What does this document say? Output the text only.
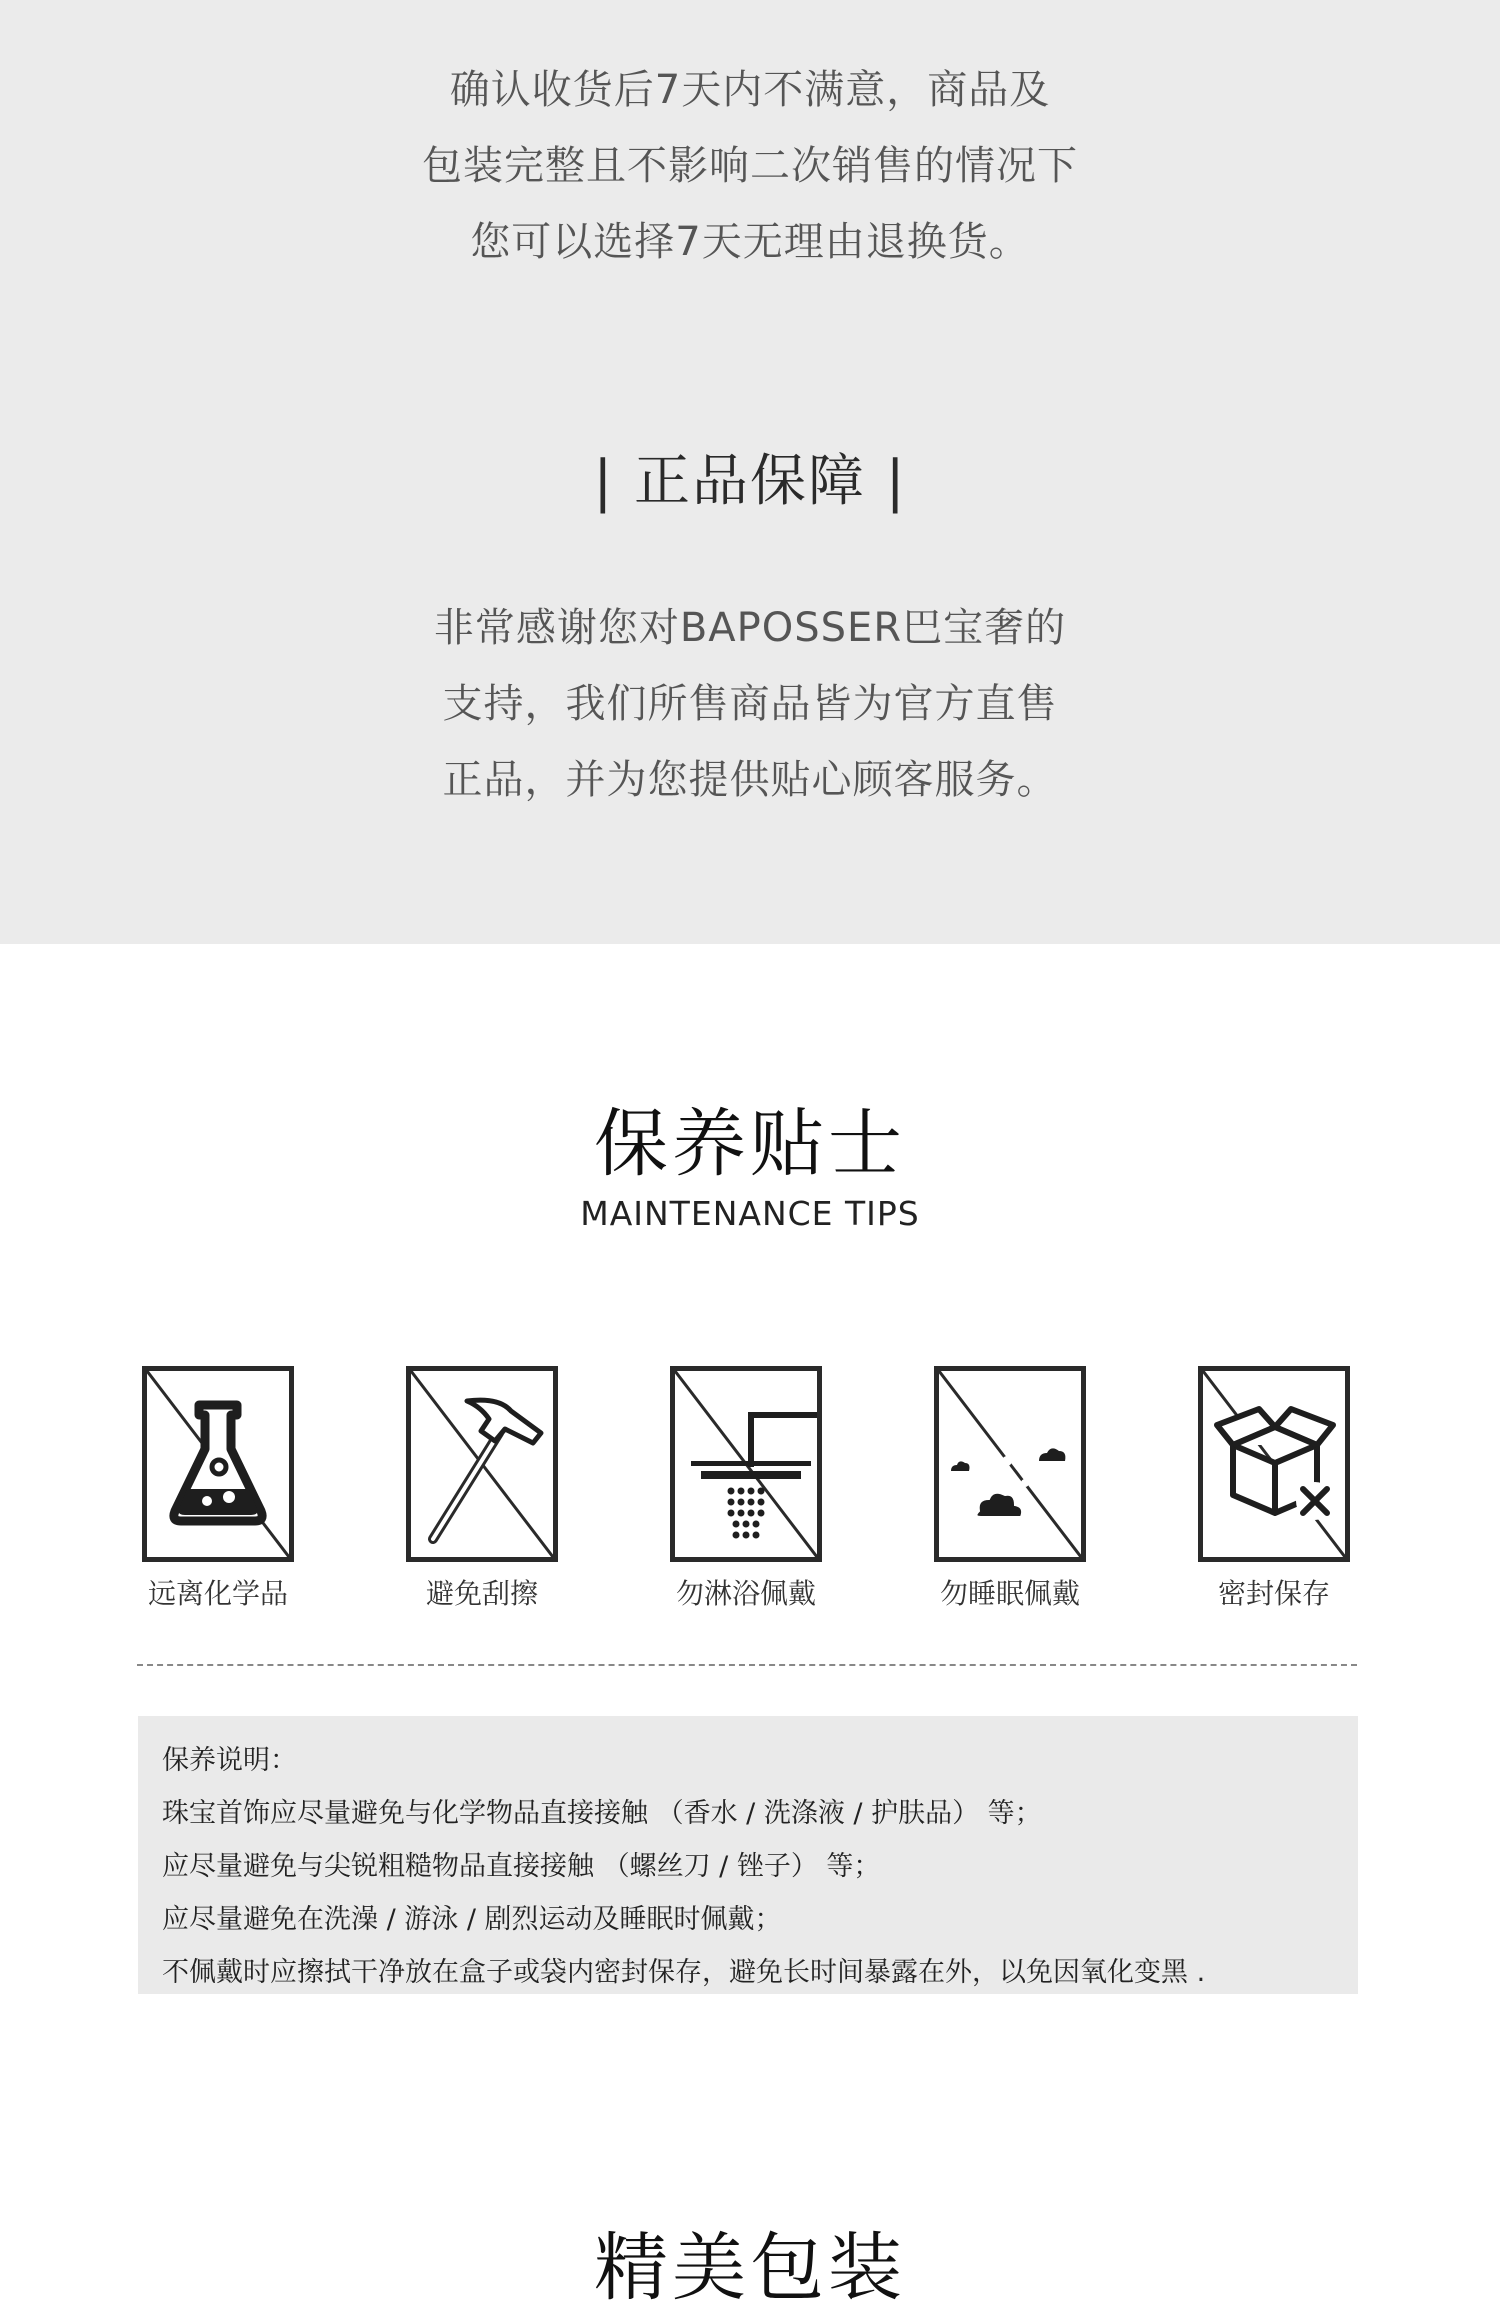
确认收货后7天内不满意，商品及

包装完整且不影响二次销售的情况下

您可以选择7天无理由退换货。

| 正品保障 |

非常感谢您对BAPOSSER巴宝奢的

支持，我们所售商品皆为官方直售

正品，并为您提供贴心顾客服务。

保养贴士
MAINTENANCE TIPS
远离化学品	避免刮擦	勿淋浴佩戴	勿睡眠佩戴	密封保存

保养说明：

珠宝首饰应尽量避免与化学物品直接接触 （香水 / 洗涤液 / 护肤品） 等；

应尽量避免与尖锐粗糙物品直接接触 （螺丝刀 / 锉子） 等；

应尽量避免在洗澡 / 游泳 / 剧烈运动及睡眠时佩戴；

不佩戴时应擦拭干净放在盒子或袋内密封保存，避免长时间暴露在外，以免因氧化变黑 .

精美包装
